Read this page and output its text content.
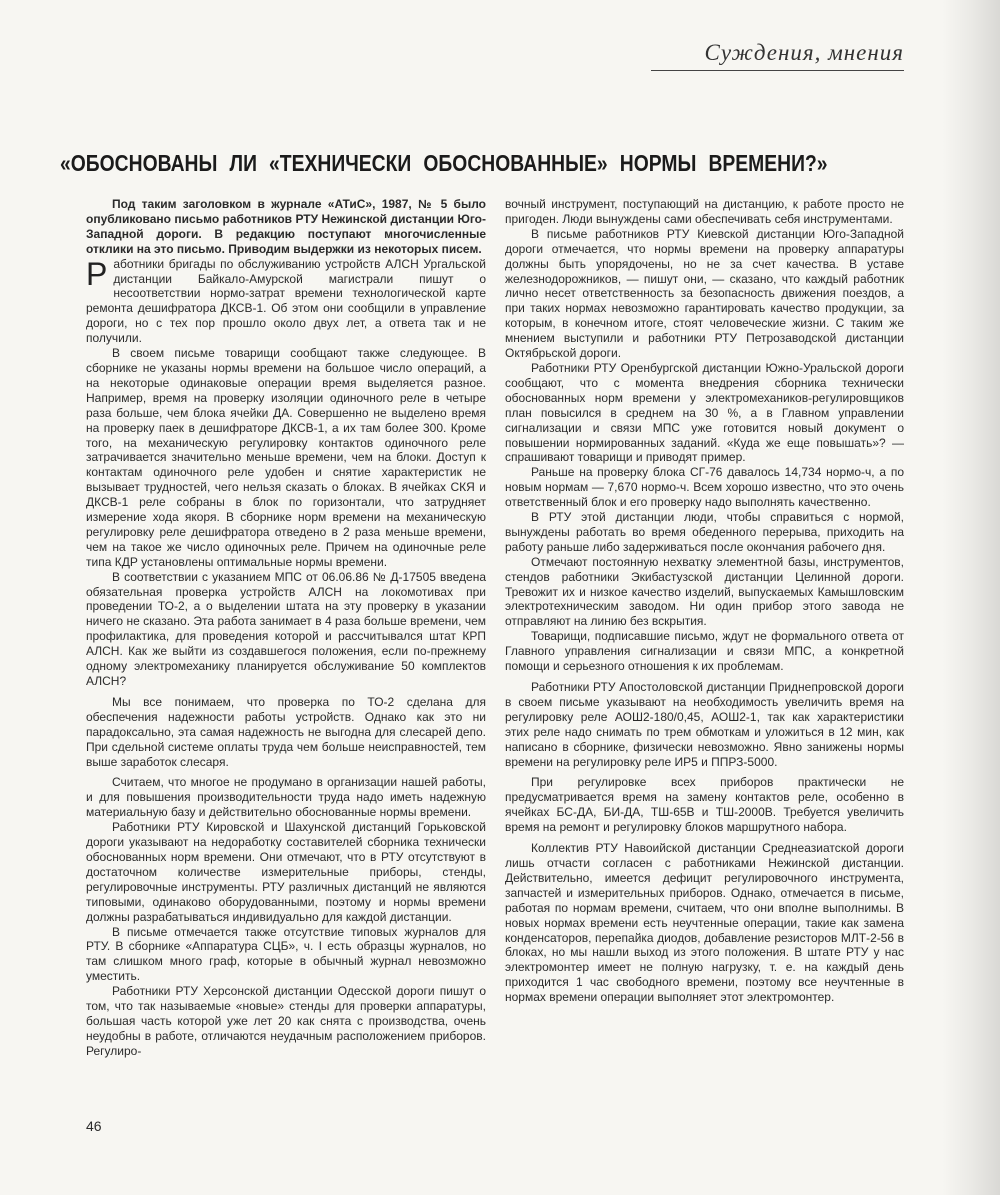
Суждения, мнения
«ОБОСНОВАНЫ ЛИ «ТЕХНИЧЕСКИ ОБОСНОВАННЫЕ» НОРМЫ ВРЕМЕНИ?»

Под таким заголовком в журнале «АТиС», 1987, № 5 было опубликовано письмо работников РТУ Нежинской дистанции Юго-Западной дороги. В редакцию поступают многочисленные отклики на это письмо. Приводим выдержки из некоторых писем.

Р аботники бригады по обслуживанию устройств АЛСН Ургальской дистанции Байкало-Амурской магистрали пишут о несоответствии нормо-затрат времени технологической карте ремонта дешифратора ДКСВ-1. Об этом они сообщили в управление дороги, но с тех пор прошло около двух лет, а ответа так и не получили.

В своем письме товарищи сообщают также следующее. В сборнике не указаны нормы времени на большое число операций, а на некоторые одинаковые операции время выделяется разное. Например, время на проверку изоляции одиночного реле в четыре раза больше, чем блока ячейки ДА. Совершенно не выделено время на проверку паек в дешифраторе ДКСВ-1, а их там более 300. Кроме того, на механическую регулировку контактов одиночного реле затрачивается значительно меньше времени, чем на блоки. Доступ к контактам одиночного реле удобен и снятие характеристик не вызывает трудностей, чего нельзя сказать о блоках. В ячейках СКЯ и ДКСВ-1 реле собраны в блок по горизонтали, что затрудняет измерение хода якоря. В сборнике норм времени на механическую регулировку реле дешифратора отведено в 2 раза меньше времени, чем на такое же число одиночных реле. Причем на одиночные реле типа КДР установлены оптимальные нормы времени.

В соответствии с указанием МПС от 06.06.86 № Д-17505 введена обязательная проверка устройств АЛСН на локомотивах при проведении ТО-2, а о выделении штата на эту проверку в указании ничего не сказано. Эта работа занимает в 4 раза больше времени, чем профилактика, для проведения которой и рассчитывался штат КРП АЛСН. Как же выйти из создавшегося положения, если по-прежнему одному электромеханику планируется обслуживание 50 комплектов АЛСН?

Мы все понимаем, что проверка по ТО-2 сделана для обеспечения надежности работы устройств. Однако как это ни парадоксально, эта самая надежность не выгодна для слесарей депо. При сдельной системе оплаты труда чем больше неисправностей, тем выше заработок слесаря.

Считаем, что многое не продумано в организации нашей работы, и для повышения производительности труда надо иметь надежную материальную базу и действительно обоснованные нормы времени.

Работники РТУ Кировской и Шахунской дистанций Горьковской дороги указывают на недоработку составителей сборника технически обоснованных норм времени. Они отмечают, что в РТУ отсутствуют в достаточном количестве измерительные приборы, стенды, регулировочные инструменты. РТУ различных дистанций не являются типовыми, одинаково оборудованными, поэтому и нормы времени должны разрабатываться индивидуально для каждой дистанции.

В письме отмечается также отсутствие типовых журналов для РТУ. В сборнике «Аппаратура СЦБ», ч. I есть образцы журналов, но там слишком много граф, которые в обычный журнал невозможно уместить.

Работники РТУ Херсонской дистанции Одесской дороги пишут о том, что так называемые «новые» стенды для проверки аппаратуры, большая часть которой уже лет 20 как снята с производства, очень неудобны в работе, отличаются неудачным расположением приборов. Регулиро-

вочный инструмент, поступающий на дистанцию, к работе просто не пригоден. Люди вынуждены сами обеспечивать себя инструментами.

В письме работников РТУ Киевской дистанции Юго-Западной дороги отмечается, что нормы времени на проверку аппаратуры должны быть упорядочены, но не за счет качества. В уставе железнодорожников, — пишут они, — сказано, что каждый работник лично несет ответственность за безопасность движения поездов, а при таких нормах невозможно гарантировать качество продукции, за которым, в конечном итоге, стоят человеческие жизни. С таким же мнением выступили и работники РТУ Петрозаводской дистанции Октябрьской дороги.

Работники РТУ Оренбургской дистанции Южно-Уральской дороги сообщают, что с момента внедрения сборника технически обоснованных норм времени у электромехаников-регулировщиков план повысился в среднем на 30 %, а в Главном управлении сигнализации и связи МПС уже готовится новый документ о повышении нормированных заданий. «Куда же еще повышать»? — спрашивают товарищи и приводят пример.

Раньше на проверку блока СГ-76 давалось 14,734 нормо-ч, а по новым нормам — 7,670 нормо-ч. Всем хорошо известно, что это очень ответственный блок и его проверку надо выполнять качественно.

В РТУ этой дистанции люди, чтобы справиться с нормой, вынуждены работать во время обеденного перерыва, приходить на работу раньше либо задерживаться после окончания рабочего дня.

Отмечают постоянную нехватку элементной базы, инструментов, стендов работники Экибастузской дистанции Целинной дороги. Тревожит их и низкое качество изделий, выпускаемых Камышловским электротехническим заводом. Ни один прибор этого завода не отправляют на линию без вскрытия.

Товарищи, подписавшие письмо, ждут не формального ответа от Главного управления сигнализации и связи МПС, а конкретной помощи и серьезного отношения к их проблемам.

Работники РТУ Апостоловской дистанции Приднепровской дороги в своем письме указывают на необходимость увеличить время на регулировку реле АОШ2-180/0,45, АОШ2-1, так как характеристики этих реле надо снимать по трем обмоткам и уложиться в 12 мин, как написано в сборнике, физически невозможно. Явно занижены нормы времени на регулировку реле ИР5 и ППРЗ-5000.

При регулировке всех приборов практически не предусматривается время на замену контактов реле, особенно в ячейках БС-ДА, БИ-ДА, ТШ-65В и ТШ-2000В. Требуется увеличить время на ремонт и регулировку блоков маршрутного набора.

Коллектив РТУ Навоийской дистанции Среднеазиатской дороги лишь отчасти согласен с работниками Нежинской дистанции. Действительно, имеется дефицит регулировочного инструмента, запчастей и измерительных приборов. Однако, отмечается в письме, работая по нормам времени, считаем, что они вполне выполнимы. В новых нормах времени есть неучтенные операции, такие как замена конденсаторов, перепайка диодов, добавление резисторов МЛТ-2-56 в блоках, но мы нашли выход из этого положения. В штате РТУ у нас электромонтер имеет не полную нагрузку, т. е. на каждый день приходится 1 час свободного времени, поэтому все неучтенные в нормах времени операции выполняет этот электромонтер.

46
